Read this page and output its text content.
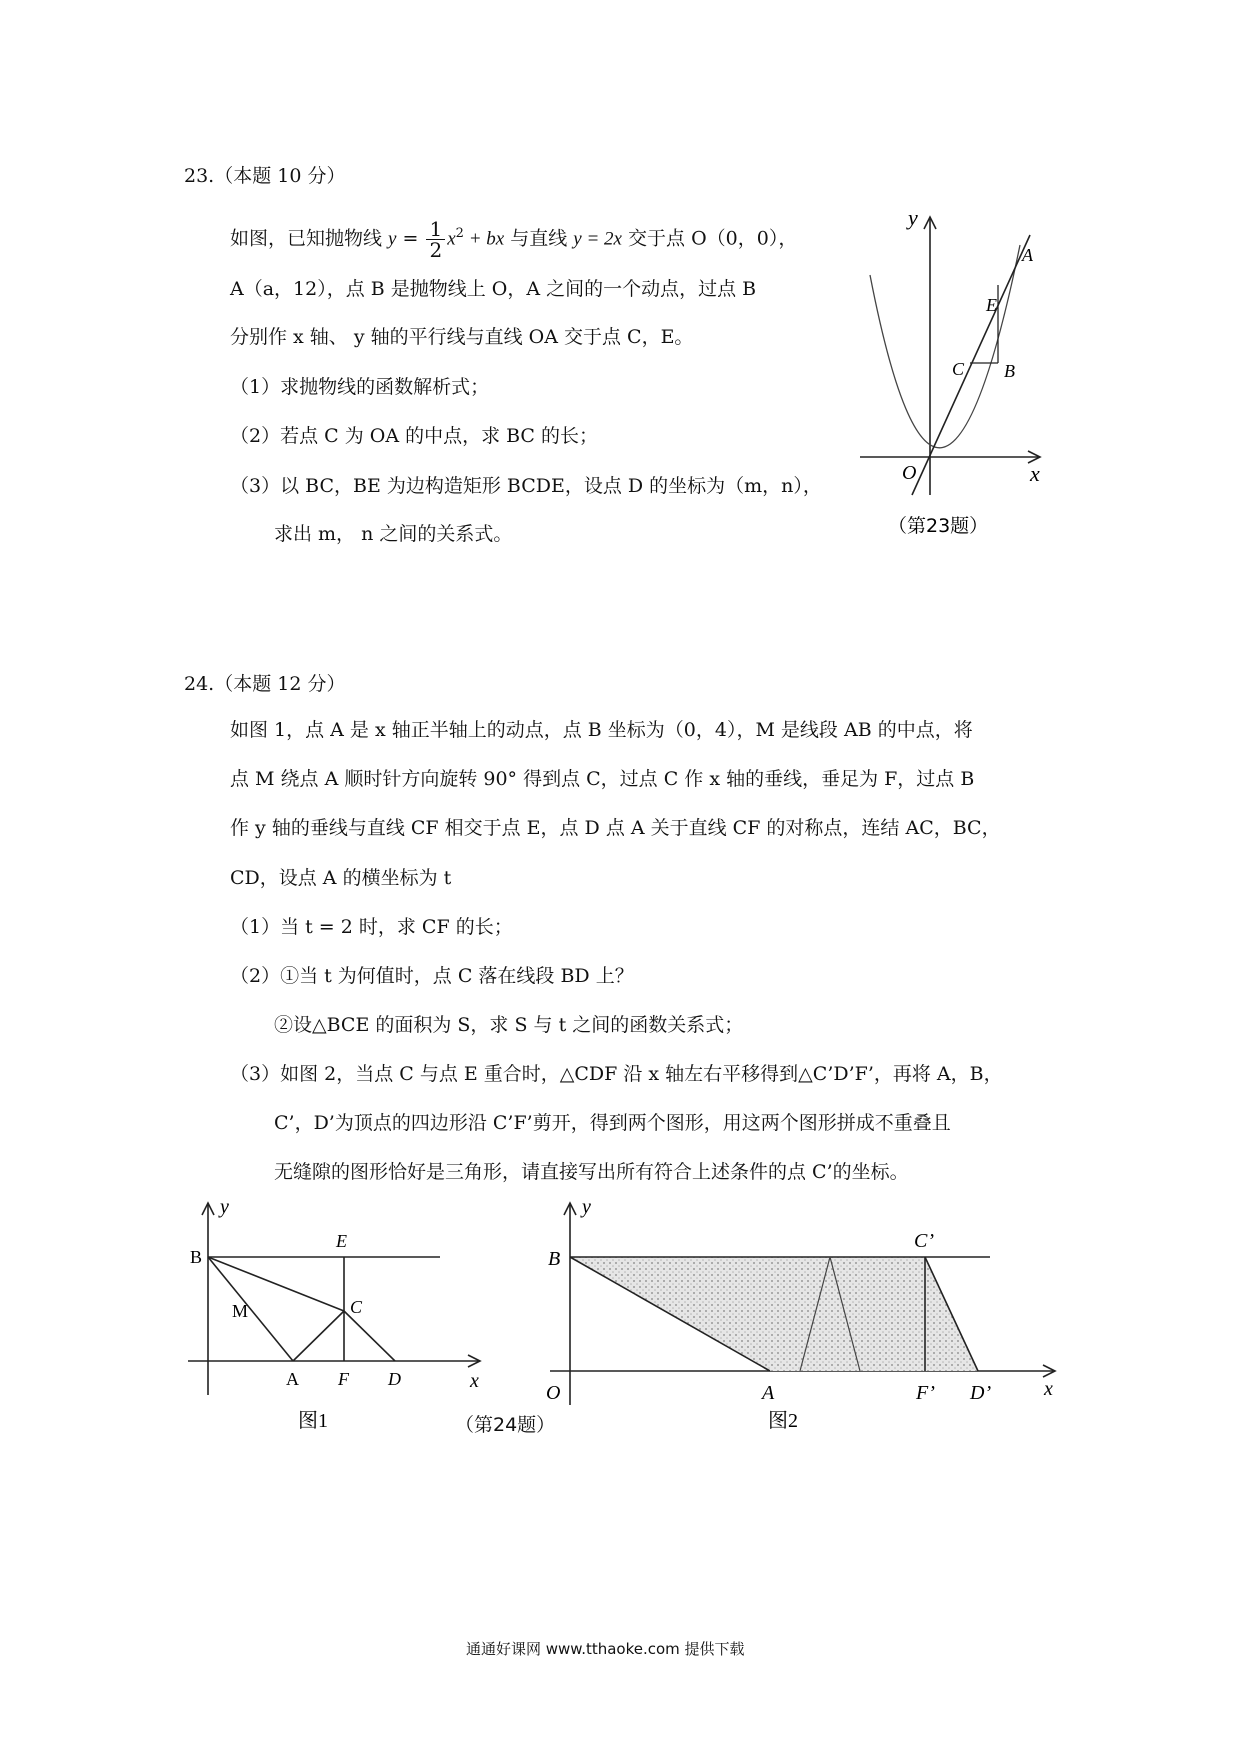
23.（本题 10 分）
如图，已知抛物线 $y = \frac{1}{2} x^2$ + bx 与直线 y = 2x 交于点 O（0，0），
A（a，12），点 B 是抛物线上 O，A 之间的一个动点，过点 B
分别作 x 轴、 y 轴的平行线与直线 OA 交于点 C，E。
（1）求抛物线的函数解析式；
（2）若点 C 为 OA 的中点，求 BC 的长；
（3）以 BC，BE 为边构造矩形 BCDE，设点 D 的坐标为（m，n），
求出 m， n 之间的关系式。
y
x
O
A
E
C B
（第23题）
24.（本题 12 分）
如图 1，点 A 是 x 轴正半轴上的动点，点 B 坐标为（0，4），M 是线段 AB 的中点，将
点 M 绕点 A 顺时针方向旋转 90° 得到点 C，过点 C 作 x 轴的垂线，垂足为 F，过点 B
作 y 轴的垂线与直线 CF 相交于点 E，点 D 点 A 关于直线 CF 的对称点，连结 AC，BC，
CD，设点 A 的横坐标为 t
（1）当 t = 2 时，求 CF 的长；
（2）①当 t 为何值时，点 C 落在线段 BD 上？
②设△BCE 的面积为 S，求 S 与 t 之间的函数关系式；
（3）如图 2，当点 C 与点 E 重合时，△CDF 沿 x 轴左右平移得到△C’D’F’，再将 A，B，
C’，D’为顶点的四边形沿 C’F’剪开，得到两个图形，用这两个图形拼成不重叠且
无缝隙的图形恰好是三角形，请直接写出所有符合上述条件的点 C’的坐标。
y
x
B
E
M	C
A F D
图1	（第24题）
y
x
O
B
C’
A	F’ D’
图2
通通好课网 www.tthaoke.com 提供下载
